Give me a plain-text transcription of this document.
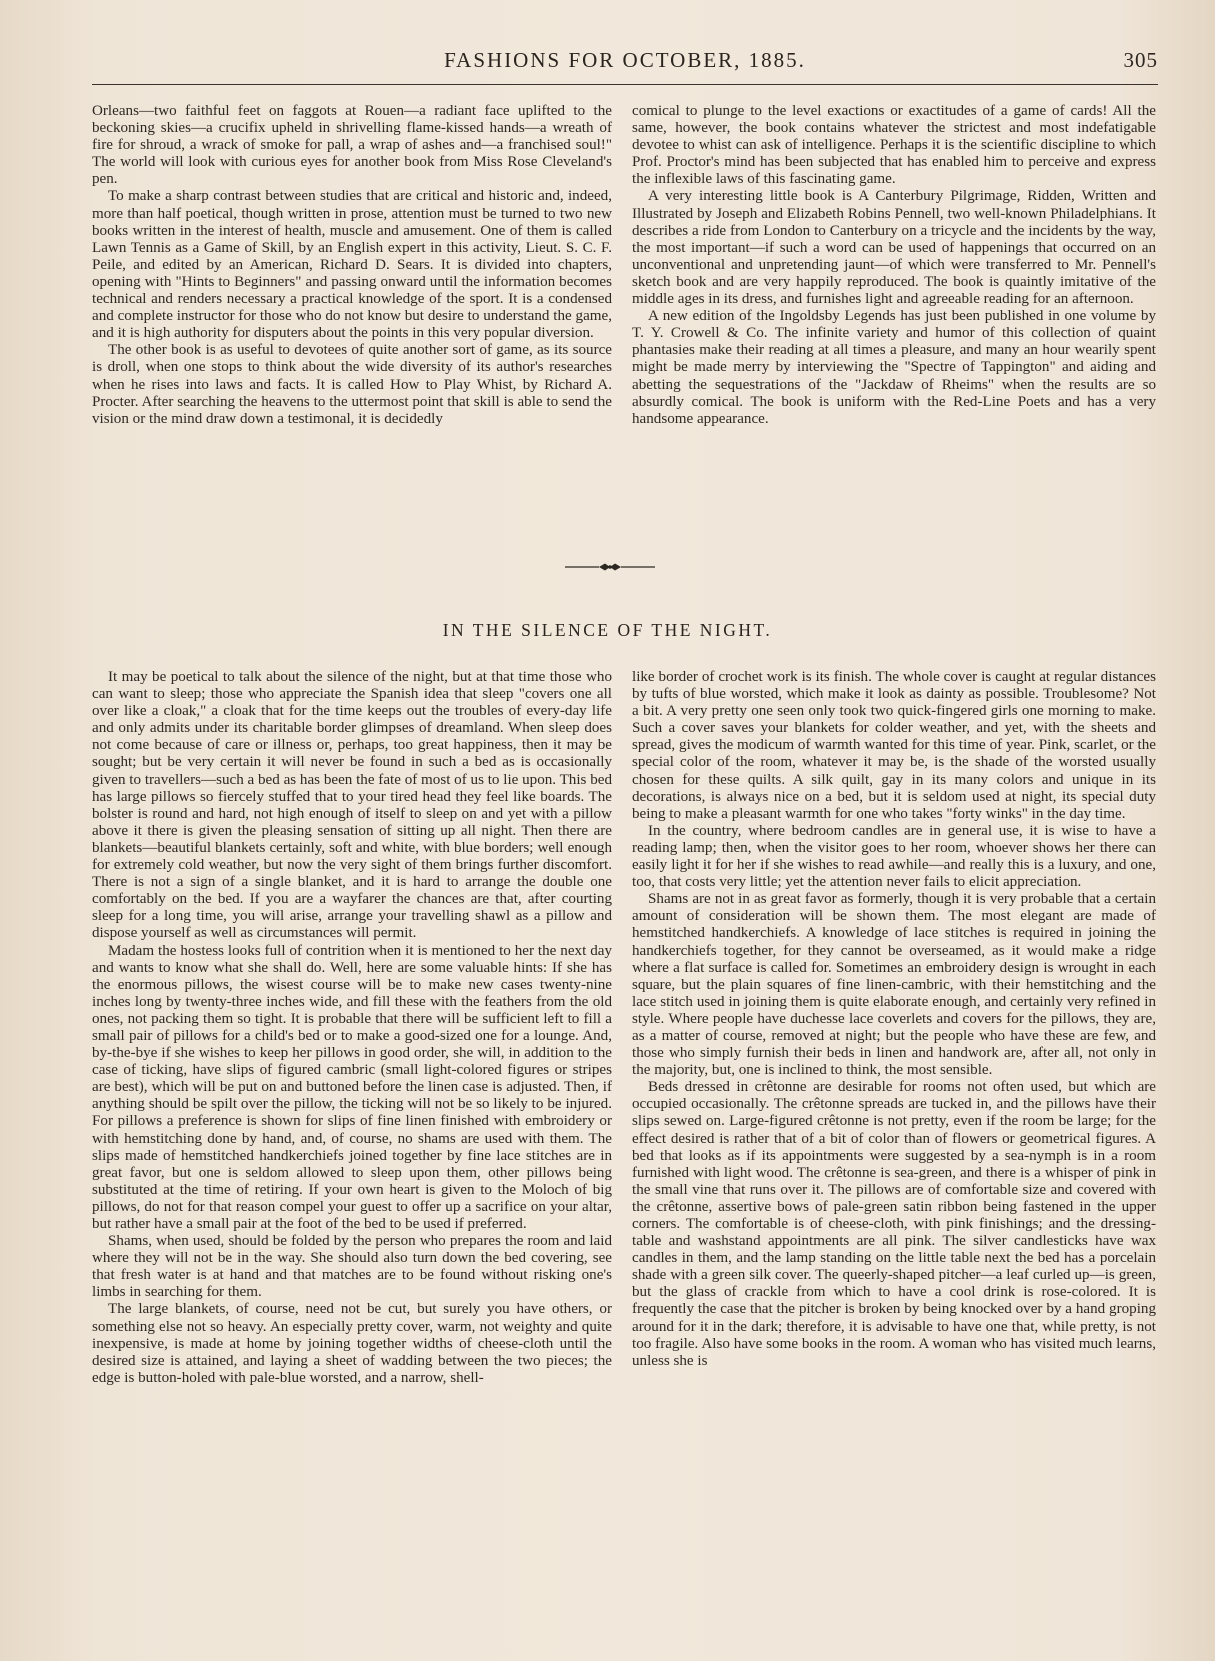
FASHIONS FOR OCTOBER, 1885.	305

Orleans—two faithful feet on faggots at Rouen—a radiant face uplifted to the beckoning skies—a crucifix upheld in shrivelling flame-kissed hands—a wreath of fire for shroud, a wrack of smoke for pall, a wrap of ashes and—a franchised soul!" The world will look with curious eyes for another book from Miss Rose Cleveland's pen.

To make a sharp contrast between studies that are critical and historic and, indeed, more than half poetical, though written in prose, attention must be turned to two new books written in the interest of health, muscle and amusement. One of them is called Lawn Tennis as a Game of Skill, by an English expert in this activity, Lieut. S. C. F. Peile, and edited by an American, Richard D. Sears. It is divided into chapters, opening with "Hints to Beginners" and passing onward until the information becomes technical and renders necessary a practical knowledge of the sport. It is a condensed and complete instructor for those who do not know but desire to understand the game, and it is high authority for disputers about the points in this very popular diversion.

The other book is as useful to devotees of quite another sort of game, as its source is droll, when one stops to think about the wide diversity of its author's researches when he rises into laws and facts. It is called How to Play Whist, by Richard A. Procter. After searching the heavens to the uttermost point that skill is able to send the vision or the mind draw down a testimonal, it is decidedly

comical to plunge to the level exactions or exactitudes of a game of cards! All the same, however, the book contains whatever the strictest and most indefatigable devotee to whist can ask of intelligence. Perhaps it is the scientific discipline to which Prof. Proctor's mind has been subjected that has enabled him to perceive and express the inflexible laws of this fascinating game.

A very interesting little book is A Canterbury Pilgrimage, Ridden, Written and Illustrated by Joseph and Elizabeth Robins Pennell, two well-known Philadelphians. It describes a ride from London to Canterbury on a tricycle and the incidents by the way, the most important—if such a word can be used of happenings that occurred on an unconventional and unpretending jaunt—of which were transferred to Mr. Pennell's sketch book and are very happily reproduced. The book is quaintly imitative of the middle ages in its dress, and furnishes light and agreeable reading for an afternoon.

A new edition of the Ingoldsby Legends has just been published in one volume by T. Y. Crowell & Co. The infinite variety and humor of this collection of quaint phantasies make their reading at all times a pleasure, and many an hour wearily spent might be made merry by interviewing the "Spectre of Tappington" and aiding and abetting the sequestrations of the "Jackdaw of Rheims" when the results are so absurdly comical. The book is uniform with the Red-Line Poets and has a very handsome appearance.

IN THE SILENCE OF THE NIGHT.

It may be poetical to talk about the silence of the night, but at that time those who can want to sleep; those who appreciate the Spanish idea that sleep "covers one all over like a cloak," a cloak that for the time keeps out the troubles of every-day life and only admits under its charitable border glimpses of dreamland. When sleep does not come because of care or illness or, perhaps, too great happiness, then it may be sought; but be very certain it will never be found in such a bed as is occasionally given to travellers—such a bed as has been the fate of most of us to lie upon. This bed has large pillows so fiercely stuffed that to your tired head they feel like boards. The bolster is round and hard, not high enough of itself to sleep on and yet with a pillow above it there is given the pleasing sensation of sitting up all night. Then there are blankets—beautiful blankets certainly, soft and white, with blue borders; well enough for extremely cold weather, but now the very sight of them brings further discomfort. There is not a sign of a single blanket, and it is hard to arrange the double one comfortably on the bed. If you are a wayfarer the chances are that, after courting sleep for a long time, you will arise, arrange your travelling shawl as a pillow and dispose yourself as well as circumstances will permit.

Madam the hostess looks full of contrition when it is mentioned to her the next day and wants to know what she shall do. Well, here are some valuable hints: If she has the enormous pillows, the wisest course will be to make new cases twenty-nine inches long by twenty-three inches wide, and fill these with the feathers from the old ones, not packing them so tight. It is probable that there will be sufficient left to fill a small pair of pillows for a child's bed or to make a good-sized one for a lounge. And, by-the-bye if she wishes to keep her pillows in good order, she will, in addition to the case of ticking, have slips of figured cambric (small light-colored figures or stripes are best), which will be put on and buttoned before the linen case is adjusted. Then, if anything should be spilt over the pillow, the ticking will not be so likely to be injured. For pillows a preference is shown for slips of fine linen finished with embroidery or with hemstitching done by hand, and, of course, no shams are used with them. The slips made of hemstitched handkerchiefs joined together by fine lace stitches are in great favor, but one is seldom allowed to sleep upon them, other pillows being substituted at the time of retiring. If your own heart is given to the Moloch of big pillows, do not for that reason compel your guest to offer up a sacrifice on your altar, but rather have a small pair at the foot of the bed to be used if preferred.

Shams, when used, should be folded by the person who prepares the room and laid where they will not be in the way. She should also turn down the bed covering, see that fresh water is at hand and that matches are to be found without risking one's limbs in searching for them.

The large blankets, of course, need not be cut, but surely you have others, or something else not so heavy. An especially pretty cover, warm, not weighty and quite inexpensive, is made at home by joining together widths of cheese-cloth until the desired size is attained, and laying a sheet of wadding between the two pieces; the edge is button-holed with pale-blue worsted, and a narrow, shell-

like border of crochet work is its finish. The whole cover is caught at regular distances by tufts of blue worsted, which make it look as dainty as possible. Troublesome? Not a bit. A very pretty one seen only took two quick-fingered girls one morning to make. Such a cover saves your blankets for colder weather, and yet, with the sheets and spread, gives the modicum of warmth wanted for this time of year. Pink, scarlet, or the special color of the room, whatever it may be, is the shade of the worsted usually chosen for these quilts. A silk quilt, gay in its many colors and unique in its decorations, is always nice on a bed, but it is seldom used at night, its special duty being to make a pleasant warmth for one who takes "forty winks" in the day time.

In the country, where bedroom candles are in general use, it is wise to have a reading lamp; then, when the visitor goes to her room, whoever shows her there can easily light it for her if she wishes to read awhile—and really this is a luxury, and one, too, that costs very little; yet the attention never fails to elicit appreciation.

Shams are not in as great favor as formerly, though it is very probable that a certain amount of consideration will be shown them. The most elegant are made of hemstitched handkerchiefs. A knowledge of lace stitches is required in joining the handkerchiefs together, for they cannot be overseamed, as it would make a ridge where a flat surface is called for. Sometimes an embroidery design is wrought in each square, but the plain squares of fine linen-cambric, with their hemstitching and the lace stitch used in joining them is quite elaborate enough, and certainly very refined in style. Where people have duchesse lace coverlets and covers for the pillows, they are, as a matter of course, removed at night; but the people who have these are few, and those who simply furnish their beds in linen and handwork are, after all, not only in the majority, but, one is inclined to think, the most sensible.

Beds dressed in crêtonne are desirable for rooms not often used, but which are occupied occasionally. The crêtonne spreads are tucked in, and the pillows have their slips sewed on. Large-figured crêtonne is not pretty, even if the room be large; for the effect desired is rather that of a bit of color than of flowers or geometrical figures. A bed that looks as if its appointments were suggested by a sea-nymph is in a room furnished with light wood. The crêtonne is sea-green, and there is a whisper of pink in the small vine that runs over it. The pillows are of comfortable size and covered with the crêtonne, assertive bows of pale-green satin ribbon being fastened in the upper corners. The comfortable is of cheese-cloth, with pink finishings; and the dressing-table and washstand appointments are all pink. The silver candlesticks have wax candles in them, and the lamp standing on the little table next the bed has a porcelain shade with a green silk cover. The queerly-shaped pitcher—a leaf curled up—is green, but the glass of crackle from which to have a cool drink is rose-colored. It is frequently the case that the pitcher is broken by being knocked over by a hand groping around for it in the dark; therefore, it is advisable to have one that, while pretty, is not too fragile. Also have some books in the room. A woman who has visited much learns, unless she is
